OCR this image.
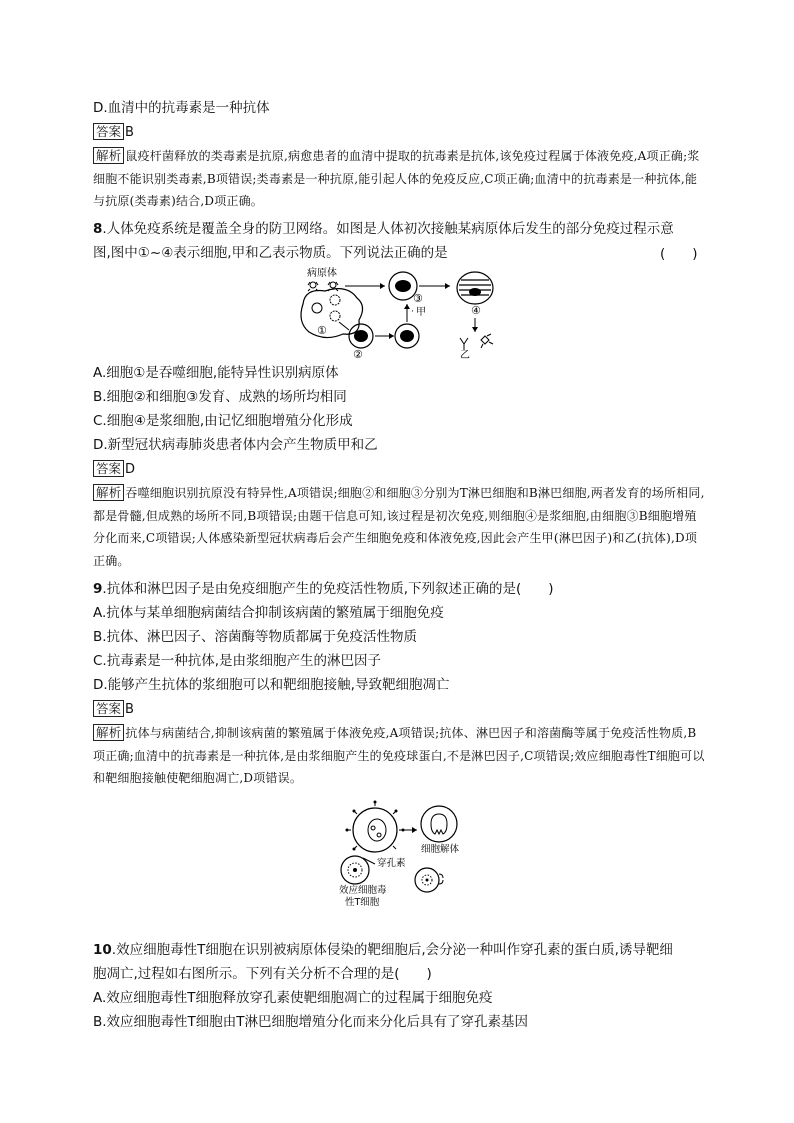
D.血清中的抗毒素是一种抗体
答案 B
解析 鼠疫杆菌释放的类毒素是抗原,病愈患者的血清中提取的抗毒素是抗体,该免疫过程属于体液免疫,A项正确;浆细胞不能识别类毒素,B项错误;类毒素是一种抗原,能引起人体的免疫反应,C项正确;血清中的抗毒素是一种抗体,能与抗原(类毒素)结合,D项正确。
8.人体免疫系统是覆盖全身的防卫网络。如图是人体初次接触某病原体后发生的部分免疫过程示意
图,图中①~④表示细胞,甲和乙表示物质。下列说法正确的是	(　　)
病原体
①
②
· 甲
③
④
乙
A.细胞①是吞噬细胞,能特异性识别病原体
B.细胞②和细胞③发育、成熟的场所均相同
C.细胞④是浆细胞,由记忆细胞增殖分化形成
D.新型冠状病毒肺炎患者体内会产生物质甲和乙
答案 D
解析 吞噬细胞识别抗原没有特异性,A项错误;细胞②和细胞③分别为T淋巴细胞和B淋巴细胞,两者发育的场所相同,都是骨髓,但成熟的场所不同,B项错误;由题干信息可知,该过程是初次免疫,则细胞④是浆细胞,由细胞③B细胞增殖分化而来,C项错误;人体感染新型冠状病毒后会产生细胞免疫和体液免疫,因此会产生甲(淋巴因子)和乙(抗体),D项正确。
9.抗体和淋巴因子是由免疫细胞产生的免疫活性物质,下列叙述正确的是(　　)
A.抗体与某单细胞病菌结合抑制该病菌的繁殖属于细胞免疫
B.抗体、淋巴因子、溶菌酶等物质都属于免疫活性物质
C.抗毒素是一种抗体,是由浆细胞产生的淋巴因子
D.能够产生抗体的浆细胞可以和靶细胞接触,导致靶细胞凋亡
答案 B
解析 抗体与病菌结合,抑制该病菌的繁殖属于体液免疫,A项错误;抗体、淋巴因子和溶菌酶等属于免疫活性物质,B项正确;血清中的抗毒素是一种抗体,是由浆细胞产生的免疫球蛋白,不是淋巴因子,C项错误;效应细胞毒性T细胞可以和靶细胞接触使靶细胞凋亡,D项错误。
细胞解体
穿孔素
效应细胞毒
性T细胞
10.效应细胞毒性T细胞在识别被病原体侵染的靶细胞后,会分泌一种叫作穿孔素的蛋白质,诱导靶细
胞凋亡,过程如右图所示。下列有关分析不合理的是(　　)
A.效应细胞毒性T细胞释放穿孔素使靶细胞凋亡的过程属于细胞免疫
B.效应细胞毒性T细胞由T淋巴细胞增殖分化而来分化后具有了穿孔素基因
